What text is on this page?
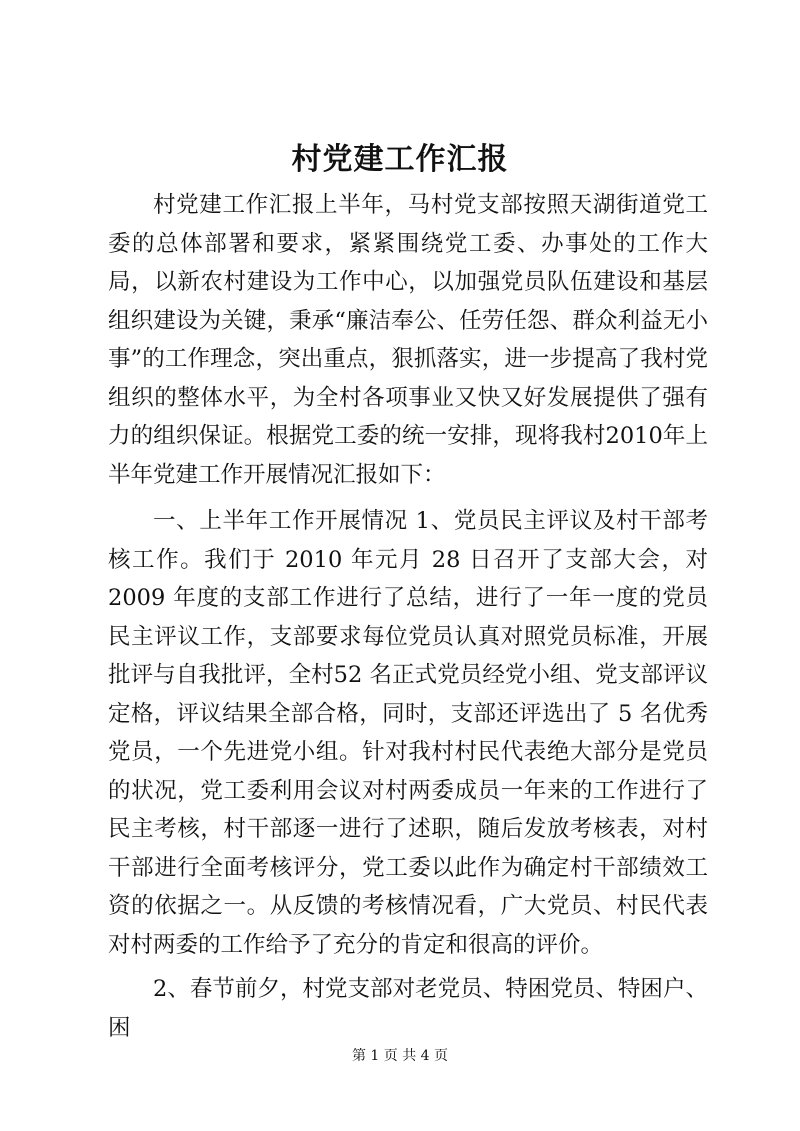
村党建工作汇报

村党建工作汇报上半年，马村党支部按照天湖街道党工委的总体部署和要求，紧紧围绕党工委、办事处的工作大局，以新农村建设为工作中心，以加强党员队伍建设和基层组织建设为关键，秉承“廉洁奉公、任劳任怨、群众利益无小事”的工作理念，突出重点，狠抓落实，进一步提高了我村党组织的整体水平，为全村各项事业又快又好发展提供了强有力的组织保证。根据党工委的统一安排，现将我村2010年上半年党建工作开展情况汇报如下：

一、上半年工作开展情况 1、党员民主评议及村干部考核工作。我们于 2010 年元月 28 日召开了支部大会，对 2009 年度的支部工作进行了总结，进行了一年一度的党员民主评议工作，支部要求每位党员认真对照党员标准，开展批评与自我批评，全村52 名正式党员经党小组、党支部评议定格，评议结果全部合格，同时，支部还评选出了 5 名优秀党员，一个先进党小组。针对我村村民代表绝大部分是党员的状况，党工委利用会议对村两委成员一年来的工作进行了民主考核，村干部逐一进行了述职，随后发放考核表，对村干部进行全面考核评分，党工委以此作为确定村干部绩效工资的依据之一。从反馈的考核情况看，广大党员、村民代表对村两委的工作给予了充分的肯定和很高的评价。

2、春节前夕，村党支部对老党员、特困党员、特困户、困

第 1 页 共 4 页
